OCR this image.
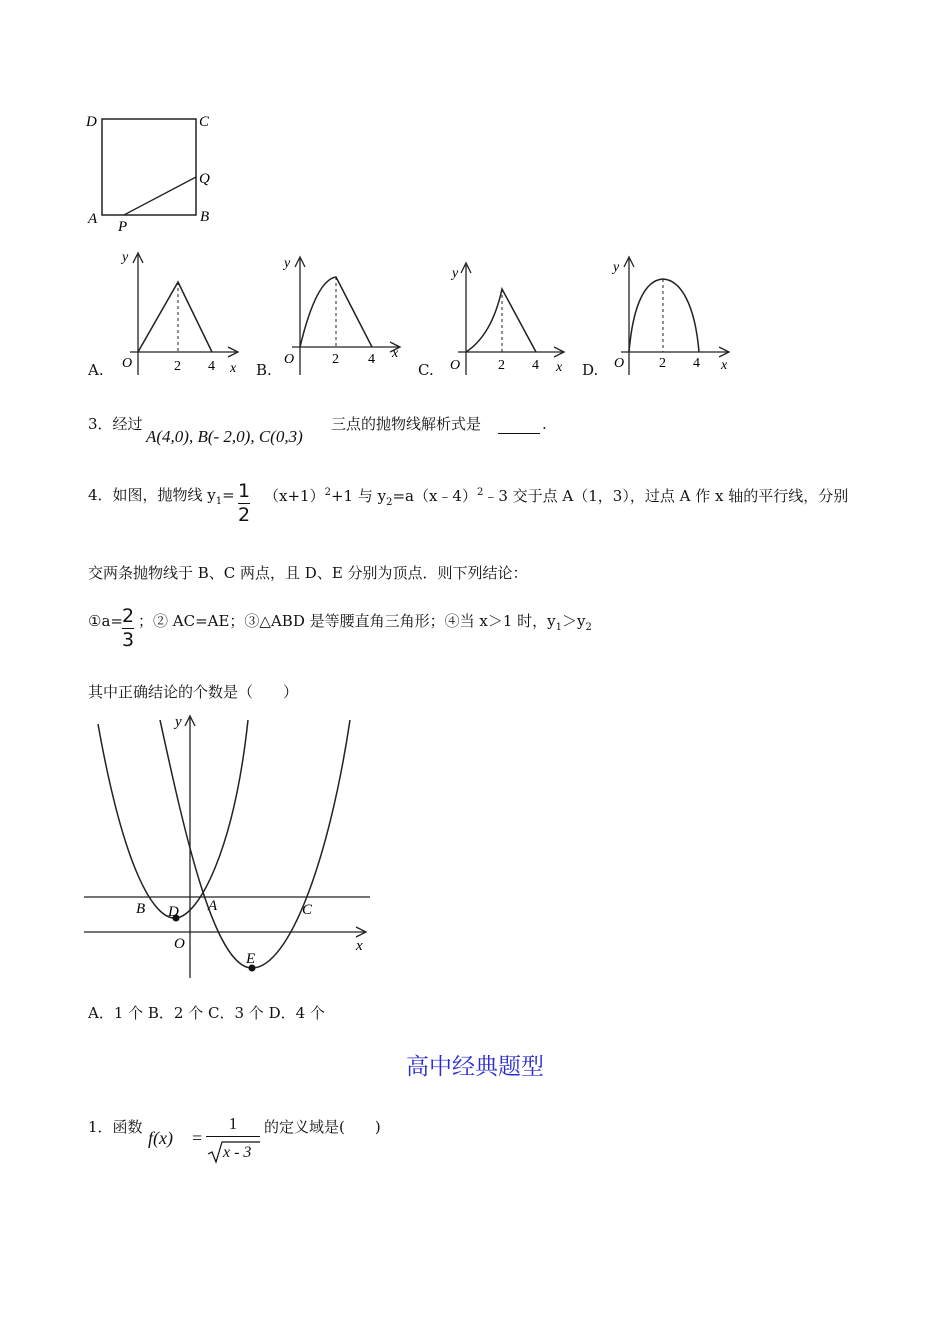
D	C
Q
A P
B
A.
y
O	2 4 x B.
y
O	2 4 x
C.
y
O	2 4 x D.
y
O 2 4 x
3．经过
A(4,0), B(- 2,0), C(0,3)
三点的抛物线解析式是	.
4．如图，抛物线 $y_1= 1$
2
$(x+1)^2+1$ 与 $y_2=a(x﹣4)^2﹣3$ 交于点 A（1，3），过点 A 作 x 轴的平行线，分别
交两条抛物线于 B、C 两点，且 D、E 分别为顶点．则下列结论：
①a= 2
3
；② AC=AE；③△ABD 是等腰直角三角形；④当 x＞1 时，$y_1>y_2$
其中正确结论的个数是（　　）
y
x
O
B D A	C
E
A．1 个 B．2 个 C．3 个 D．4 个
高中经典题型
1．函数
f(x) =
1
x - 3
的定义域是(　　)
